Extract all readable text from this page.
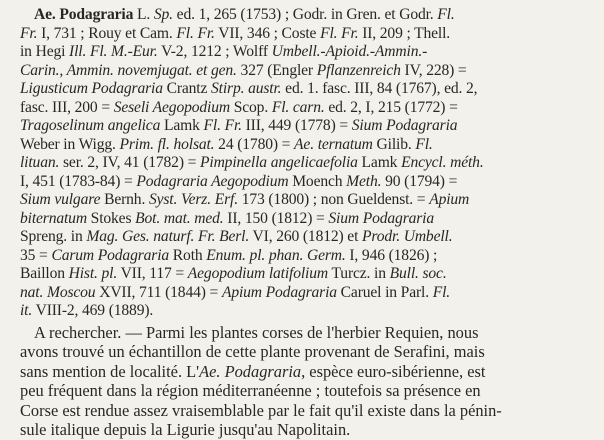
Ae. Podagraria L. Sp. ed. 1, 265 (1753) ; Godr. in Gren. et Godr. Fl.
Fr. I, 731 ; Rouy et Cam. Fl. Fr. VII, 346 ; Coste Fl. Fr. II, 209 ; Thell.
in Hegi Ill. Fl. M.-Eur. V-2, 1212 ; Wolff Umbell.-Apioid.-Ammin.-
Carin., Ammin. novemjugat. et gen. 327 (Engler Pflanzenreich IV, 228) =
Ligusticum Podagraria Crantz Stirp. austr. ed. 1. fasc. III, 84 (1767), ed. 2,
fasc. III, 200 = Seseli Aegopodium Scop. Fl. carn. ed. 2, I, 215 (1772) =
Tragoselinum angelica Lamk Fl. Fr. III, 449 (1778) = Sium Podagraria
Weber in Wigg. Prim. fl. holsat. 24 (1780) = Ae. ternatum Gilib. Fl.
lituan. ser. 2, IV, 41 (1782) = Pimpinella angelicaefolia Lamk Encycl. méth.
I, 451 (1783-84) = Podagraria Aegopodium Moench Meth. 90 (1794) =
Sium vulgare Bernh. Syst. Verz. Erf. 173 (1800) ; non Gueldenst. = Apium
biternatum Stokes Bot. mat. med. II, 150 (1812) = Sium Podagraria
Spreng. in Mag. Ges. naturf. Fr. Berl. VI, 260 (1812) et Prodr. Umbell.
35 = Carum Podagraria Roth Enum. pl. phan. Germ. I, 946 (1826) ;
Baillon Hist. pl. VII, 117 = Aegopodium latifolium Turcz. in Bull. soc.
nat. Moscou XVII, 711 (1844) = Apium Podagraria Caruel in Parl. Fl.
it. VIII-2, 469 (1889).
A rechercher. — Parmi les plantes corses de l'herbier Requien, nous
avons trouvé un échantillon de cette plante provenant de Serafini, mais
sans mention de localité. L'Ae. Podagraria, espèce euro-sibérienne, est
peu fréquent dans la région méditerranéenne ; toutefois sa présence en
Corse est rendue assez vraisemblable par le fait qu'il existe dans la pénin-
sule italique depuis la Ligurie jusqu'au Napolitain.
